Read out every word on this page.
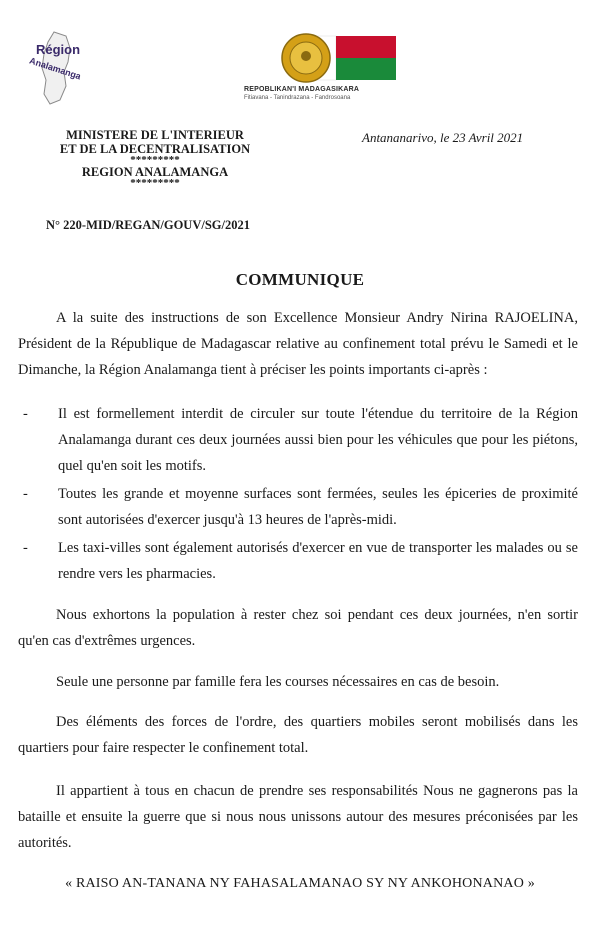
Région
Analamanga
REPOBLIKAN'I MADAGASIKARA
Fitiavana - Tanindrazana - Fandrosoana
MINISTERE DE L'INTERIEUR
ET DE LA DECENTRALISATION
*********
REGION ANALAMANGA
*********
Antananarivo, le 23 Avril 2021
N° 220-MID/REGAN/GOUV/SG/2021
COMMUNIQUE
A la suite des instructions de son Excellence Monsieur Andry Nirina RAJOELINA, Président de la République de Madagascar relative au confinement total prévu le Samedi et le Dimanche, la Région Analamanga tient à préciser les points importants ci-après :
- Il est formellement interdit de circuler sur toute l'étendue du territoire de la Région Analamanga durant ces deux journées aussi bien pour les véhicules que pour les piétons, quel qu'en soit les motifs.
- Toutes les grande et moyenne surfaces sont fermées, seules les épiceries de proximité sont autorisées d'exercer jusqu'à 13 heures de l'après-midi.
- Les taxi-villes sont également autorisés d'exercer en vue de transporter les malades ou se rendre vers les pharmacies.
Nous exhortons la population à rester chez soi pendant ces deux journées, n'en sortir qu'en cas d'extrêmes urgences.
Seule une personne par famille fera les courses nécessaires en cas de besoin.
Des éléments des forces de l'ordre, des quartiers mobiles seront mobilisés dans les quartiers pour faire respecter le confinement total.
Il appartient à tous en chacun de prendre ses responsabilités Nous ne gagnerons pas la bataille et ensuite la guerre que si nous nous unissons autour des mesures préconisées par les autorités.
« RAISO AN-TANANA NY FAHASALAMANAO SY NY ANKOHONANAO »
